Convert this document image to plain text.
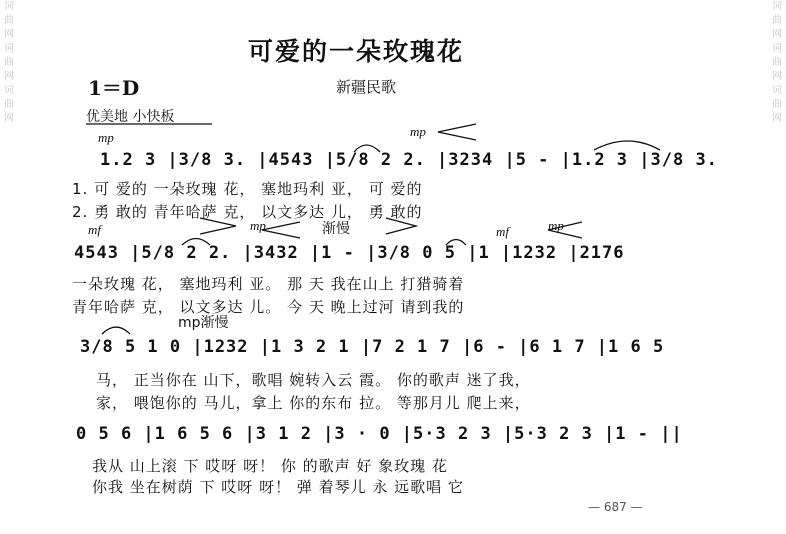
词 曲 网 词 曲 网 词 曲 网
词 曲 网 词 曲 网 词 曲 网
可爱的一朵玫瑰花
1＝D	新疆民歌
优美地 小快板
mp	mp
mf	mp	渐慢	mf	mp
mp渐慢
1.2 3 |3/8 3. |4543 |5/8 2 2. |3234 |5 - |1.2 3 |3/8 3.
1. 可 爱的 一朵玫瑰 花， 塞地玛利 亚， 可 爱的
2. 勇 敢的 青年哈萨 克， 以文多达 儿， 勇 敢的
4543 |5/8 2 2. |3432 |1 - |3/8 0 5 |1 |1232 |2176
一朵玫瑰 花， 塞地玛利 亚。 那 天 我在山上 打猎骑着
青年哈萨 克， 以文多达 儿。 今 天 晚上过河 请到我的
3/8 5 1 0 |1232 |1 3 2 1 |7 2 1 7 |6 - |6 1 7 |1 6 5
马， 正当你在 山下，歌唱 婉转入云 霞。 你的歌声 迷了我，
家， 喂饱你的 马儿，拿上 你的东布 拉。 等那月儿 爬上来，
0 5 6 |1 6 5 6 |3 1 2 |3 · 0 |5·3 2 3 |5·3 2 3 |1 - ||
我从 山上滚 下 哎呀 呀！ 你 的歌声 好 象玫瑰 花
你我 坐在树荫 下 哎呀 呀！ 弹 着琴儿 永 远歌唱 它
— 687 —
